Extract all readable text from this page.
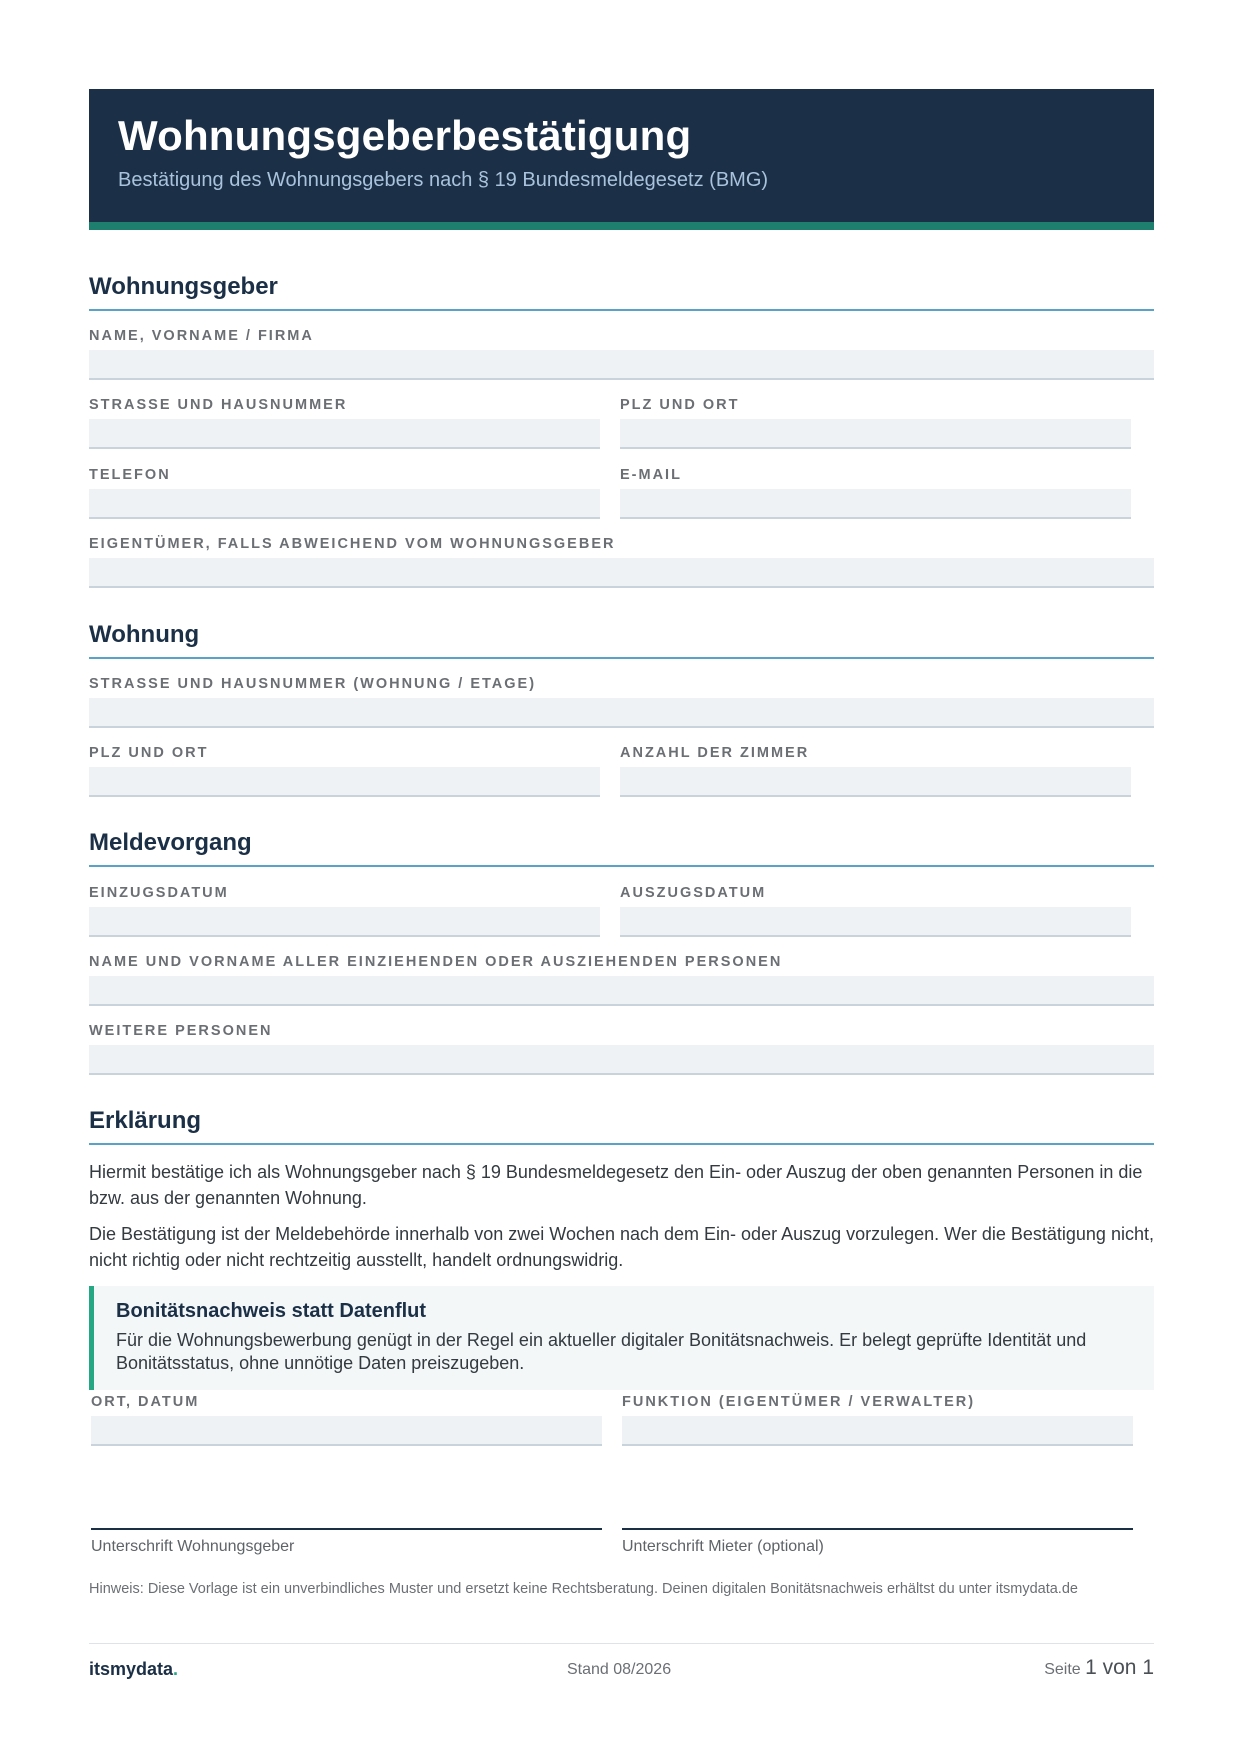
Wohnungsgeberbestätigung
Bestätigung des Wohnungsgebers nach § 19 Bundesmeldegesetz (BMG)
Wohnungsgeber
NAME, VORNAME / FIRMA
STRASSE UND HAUSNUMMER	PLZ UND ORT
TELEFON	E-MAIL
EIGENTÜMER, FALLS ABWEICHEND VOM WOHNUNGSGEBER
Wohnung
STRASSE UND HAUSNUMMER (WOHNUNG / ETAGE)
PLZ UND ORT	ANZAHL DER ZIMMER
Meldevorgang
EINZUGSDATUM	AUSZUGSDATUM
NAME UND VORNAME ALLER EINZIEHENDEN ODER AUSZIEHENDEN PERSONEN
WEITERE PERSONEN
Erklärung

Hiermit bestätige ich als Wohnungsgeber nach § 19 Bundesmeldegesetz den Ein- oder Auszug der oben genannten Personen in die bzw. aus der genannten Wohnung.

Die Bestätigung ist der Meldebehörde innerhalb von zwei Wochen nach dem Ein- oder Auszug vorzulegen. Wer die Bestätigung nicht, nicht richtig oder nicht rechtzeitig ausstellt, handelt ordnungswidrig.

Bonitätsnachweis statt Datenflut

Für die Wohnungsbewerbung genügt in der Regel ein aktueller digitaler Bonitätsnachweis. Er belegt geprüfte Identität und Bonitätsstatus, ohne unnötige Daten preiszugeben.

ORT, DATUM	FUNKTION (EIGENTÜMER / VERWALTER)
Unterschrift Wohnungsgeber	Unterschrift Mieter (optional)

Hinweis: Diese Vorlage ist ein unverbindliches Muster und ersetzt keine Rechtsberatung. Deinen digitalen Bonitätsnachweis erhältst du unter itsmydata.de

itsmydata.	Stand 08/2026	Seite 1 von 1
